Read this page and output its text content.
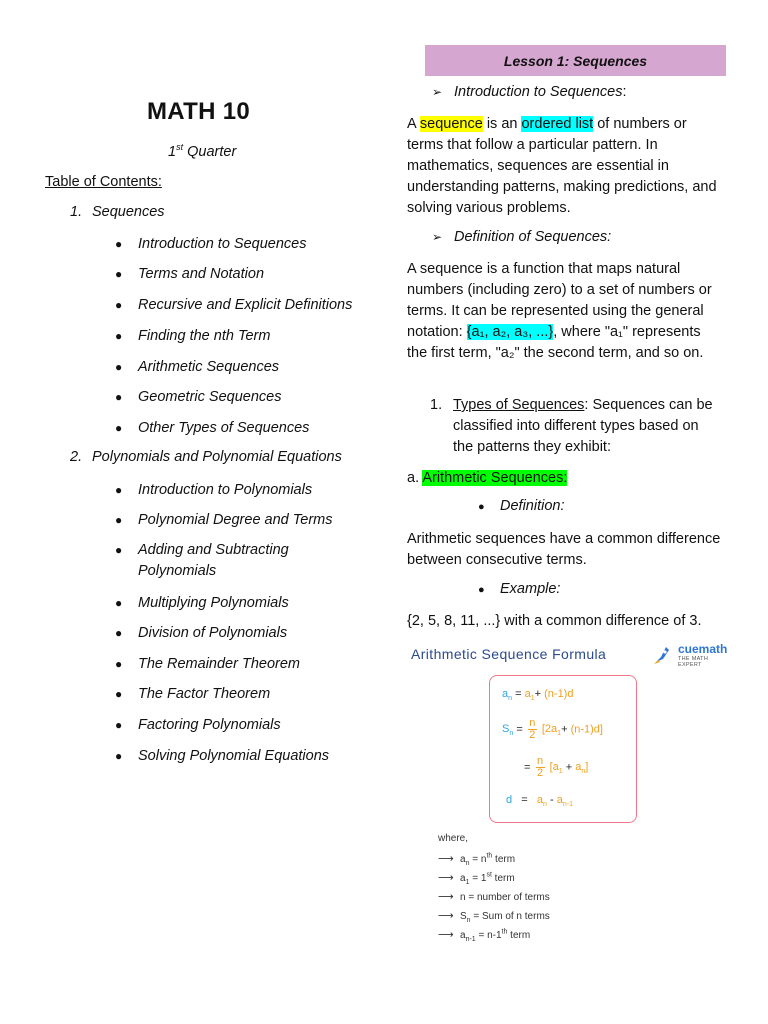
MATH 10
1st Quarter
Table of Contents:
1. Sequences
●	Introduction to Sequences
●	Terms and Notation
●	Recursive and Explicit Definitions
●	Finding the nth Term
●	Arithmetic Sequences
●	Geometric Sequences
●	Other Types of Sequences
2. Polynomials and Polynomial Equations
●	Introduction to Polynomials
●	Polynomial Degree and Terms
●	Adding and Subtracting Polynomials
●	Multiplying Polynomials
●	Division of Polynomials
●	The Remainder Theorem
●	The Factor Theorem
●	Factoring Polynomials
●	Solving Polynomial Equations
Lesson 1: Sequences
➢ Introduction to Sequences:
A sequence is an ordered list of numbers or terms that follow a particular pattern. In mathematics, sequences are essential in understanding patterns, making predictions, and solving various problems.
➢ Definition of Sequences:
A sequence is a function that maps natural numbers (including zero) to a set of numbers or terms. It can be represented using the general notation: {a₁, a₂, a₃, ...}, where "a₁" represents the first term, "a₂" the second term, and so on.
1. Types of Sequences: Sequences can be classified into different types based on the patterns they exhibit:
a. Arithmetic Sequences:
● Definition:
Arithmetic sequences have a common difference between consecutive terms.
● Example:
{2, 5, 8, 11, ...} with a common difference of 3.
Arithmetic Sequence Formula	cuemath
THE MATH EXPERT
$a_n = a_1+ (n-1)d$
$S_n = \frac{n}{2} [2a_1+ (n-1)d]$
= $\frac{n}{2} [a_1 + a_n]$
$d = a_n - a_{n-1}$
where,
⟶ $a_n = n^{th}$ term
⟶ $a_1 = 1st$ term
⟶ n = number of terms
⟶ $S_n$ = Sum of n terms
⟶ $a_{n-1} = n-1th$ term
